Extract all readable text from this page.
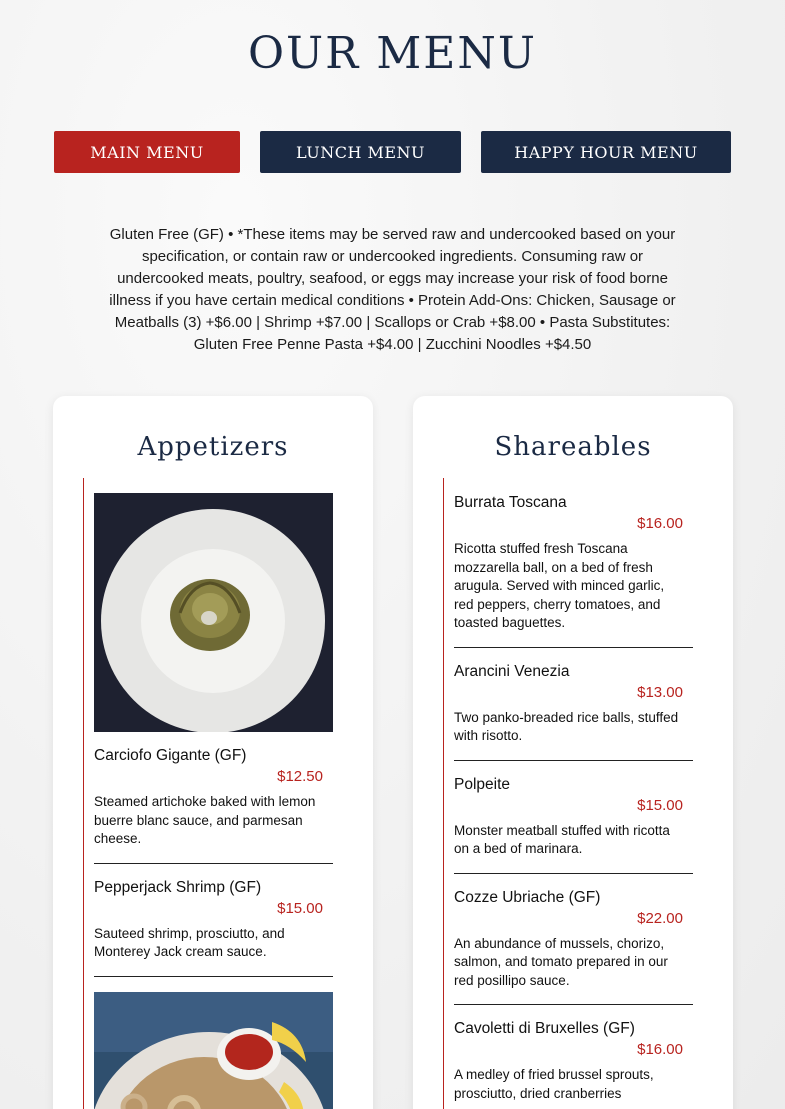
OUR MENU
MAIN MENU	LUNCH MENU	HAPPY HOUR MENU

Gluten Free (GF) • *These items may be served raw and undercooked based on your specification, or contain raw or undercooked ingredients. Consuming raw or undercooked meats, poultry, seafood, or eggs may increase your risk of food borne illness if you have certain medical conditions • Protein Add-Ons: Chicken, Sausage or Meatballs (3) +$6.00 | Shrimp +$7.00 | Scallops or Crab +$8.00 • Pasta Substitutes: Gluten Free Penne Pasta +$4.00 | Zucchini Noodles +$4.50

Appetizers
Carciofo Gigante (GF)
$12.50
Steamed artichoke baked with lemon buerre blanc sauce, and parmesan cheese.
Pepperjack Shrimp (GF)
$15.00
Sauteed shrimp, prosciutto, and Monterey Jack cream sauce.
Shareables
Burrata Toscana
$16.00
Ricotta stuffed fresh Toscana mozzarella ball, on a bed of fresh arugula. Served with minced garlic, red peppers, cherry tomatoes, and toasted baguettes.
Arancini Venezia
$13.00
Two panko-breaded rice balls, stuffed with risotto.
Polpeite
$15.00
Monster meatball stuffed with ricotta on a bed of marinara.
Cozze Ubriache (GF)
$22.00
An abundance of mussels, chorizo, salmon, and tomato prepared in our red posillipo sauce.
Cavoletti di Bruxelles (GF)
$16.00
A medley of fried brussel sprouts, prosciutto, dried cranberries
